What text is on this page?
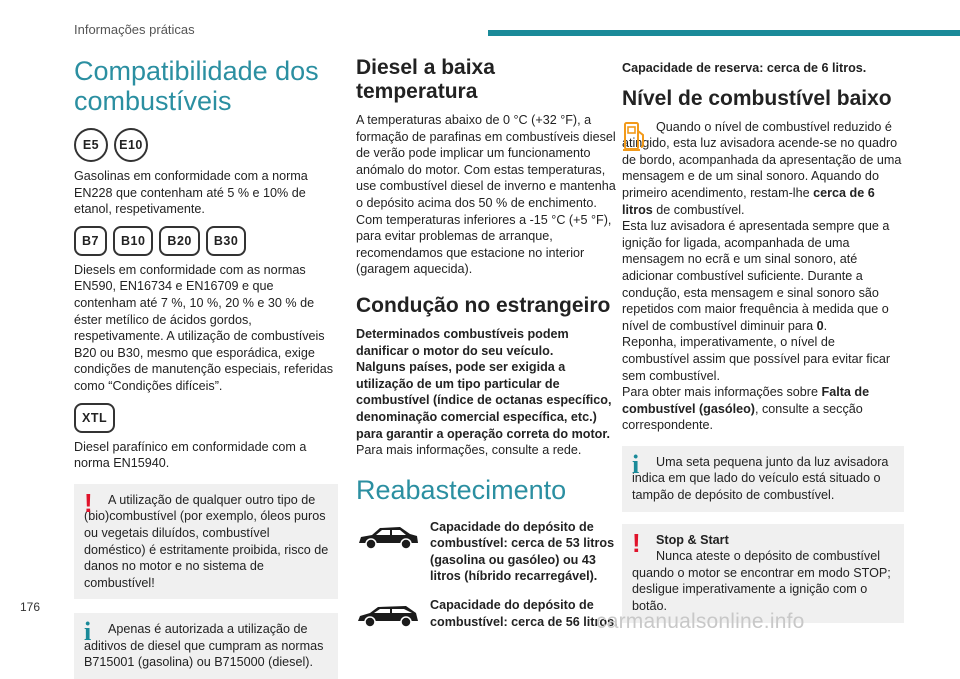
Informações práticas
Compatibilidade dos combustíveis
E5	E10

Gasolinas em conformidade com a norma EN228 que contenham até 5 % e 10% de etanol, respetivamente.

B7	B10	B20	B30

Diesels em conformidade com as normas EN590, EN16734 e EN16709 e que contenham até 7 %, 10 %, 20 % e 30 % de éster metílico de ácidos gordos, respetivamente. A utilização de combustíveis B20 ou B30, mesmo que esporádica, exige condições de manutenção especiais, referidas como “Condições difíceis”.

XTL

Diesel parafínico em conformidade com a norma EN15940.

!	A utilização de qualquer outro tipo de (bio)combustível (por exemplo, óleos puros ou vegetais diluídos, combustível doméstico) é estritamente proibida, risco de danos no motor e no sistema de combustível!

i	Apenas é autorizada a utilização de aditivos de diesel que cumpram as normas B715001 (gasolina) ou B715000 (diesel).

Diesel a baixa temperatura

A temperaturas abaixo de 0 °C (+32 °F), a formação de parafinas em combustíveis diesel de verão pode implicar um funcionamento anómalo do motor. Com estas temperaturas, use combustível diesel de inverno e mantenha o depósito acima dos 50 % de enchimento.
Com temperaturas inferiores a -15 °C (+5 °F), para evitar problemas de arranque, recomendamos que estacione no interior (garagem aquecida).

Condução no estrangeiro

Determinados combustíveis podem danificar o motor do seu veículo.
Nalguns países, pode ser exigida a utilização de um tipo particular de combustível (índice de octanas específico, denominação comercial específica, etc.) para garantir a operação correta do motor.

Para mais informações, consulte a rede.

Reabastecimento

Capacidade do depósito de combustível: cerca de 53 litros (gasolina ou gasóleo) ou 43 litros (híbrido recarregável).

Capacidade do depósito de combustível: cerca de 56 litros.

Capacidade de reserva: cerca de 6 litros.

Nível de combustível baixo

Quando o nível de combustível reduzido é atingido, esta luz avisadora acende-se no quadro de bordo, acompanhada da apresentação de uma mensagem e de um sinal sonoro. Aquando do primeiro acendimento, restam-lhe cerca de 6 litros de combustível.
Esta luz avisadora é apresentada sempre que a ignição for ligada, acompanhada de uma mensagem no ecrã e um sinal sonoro, até adicionar combustível suficiente. Durante a condução, esta mensagem e sinal sonoro são repetidos com maior frequência à medida que o nível de combustível diminuir para 0.
Reponha, imperativamente, o nível de combustível assim que possível para evitar ficar sem combustível.
Para obter mais informações sobre Falta de combustível (gasóleo), consulte a secção correspondente.

i	Uma seta pequena junto da luz avisadora indica em que lado do veículo está situado o tampão de depósito de combustível.

!	Stop & Start

Nunca ateste o depósito de combustível quando o motor se encontrar em modo STOP; desligue imperativamente a ignição com o botão.

176
carmanualsonline.info
